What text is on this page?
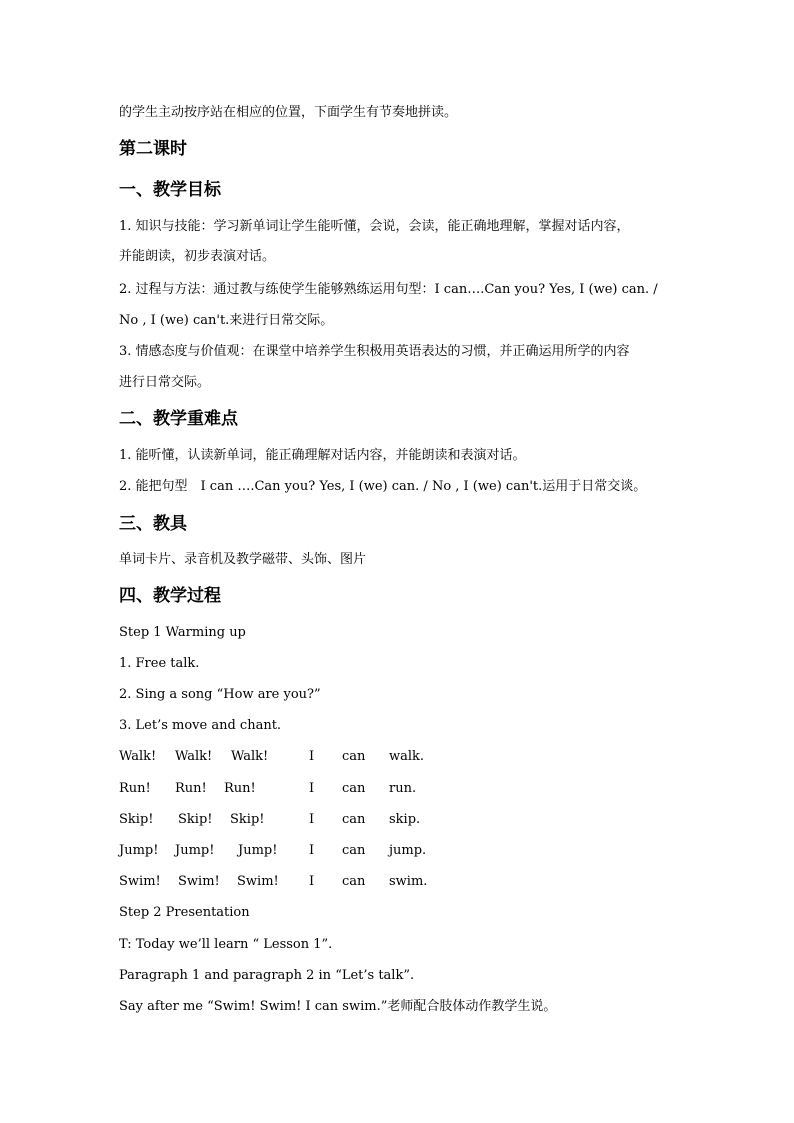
的学生主动按序站在相应的位置，下面学生有节奏地拼读。
第二课时
一、教学目标
1. 知识与技能：学习新单词让学生能听懂，会说，会读，能正确地理解，掌握对话内容，
并能朗读，初步表演对话。
2. 过程与方法：通过教与练使学生能够熟练运用句型：I can….Can you? Yes, I (we) can. /
No , I (we) can't.来进行日常交际。
3. 情感态度与价值观：在课堂中培养学生积极用英语表达的习惯，并正确运用所学的内容
进行日常交际。
二、教学重难点
1. 能听懂，认读新单词，能正确理解对话内容，并能朗读和表演对话。
2. 能把句型　I can ….Can you? Yes, I (we) can. / No , I (we) can't.运用于日常交谈。
三、教具
单词卡片、录音机及教学磁带、头饰、图片
四、教学过程
Step 1 Warming up
1. Free talk.
2. Sing a song “How are you?”
3. Let’s move and chant.
Walk! Walk! Walk!	I can walk.
Run! Run! Run!	I can run.
Skip! Skip! Skip!	I can skip.
Jump! Jump! Jump! I can jump.
Swim! Swim! Swim! I can swim.
Step 2 Presentation
T: Today we’ll learn “ Lesson 1”.
Paragraph 1 and paragraph 2 in “Let’s talk”.
Say after me “Swim! Swim! I can swim.”老师配合肢体动作教学生说。
